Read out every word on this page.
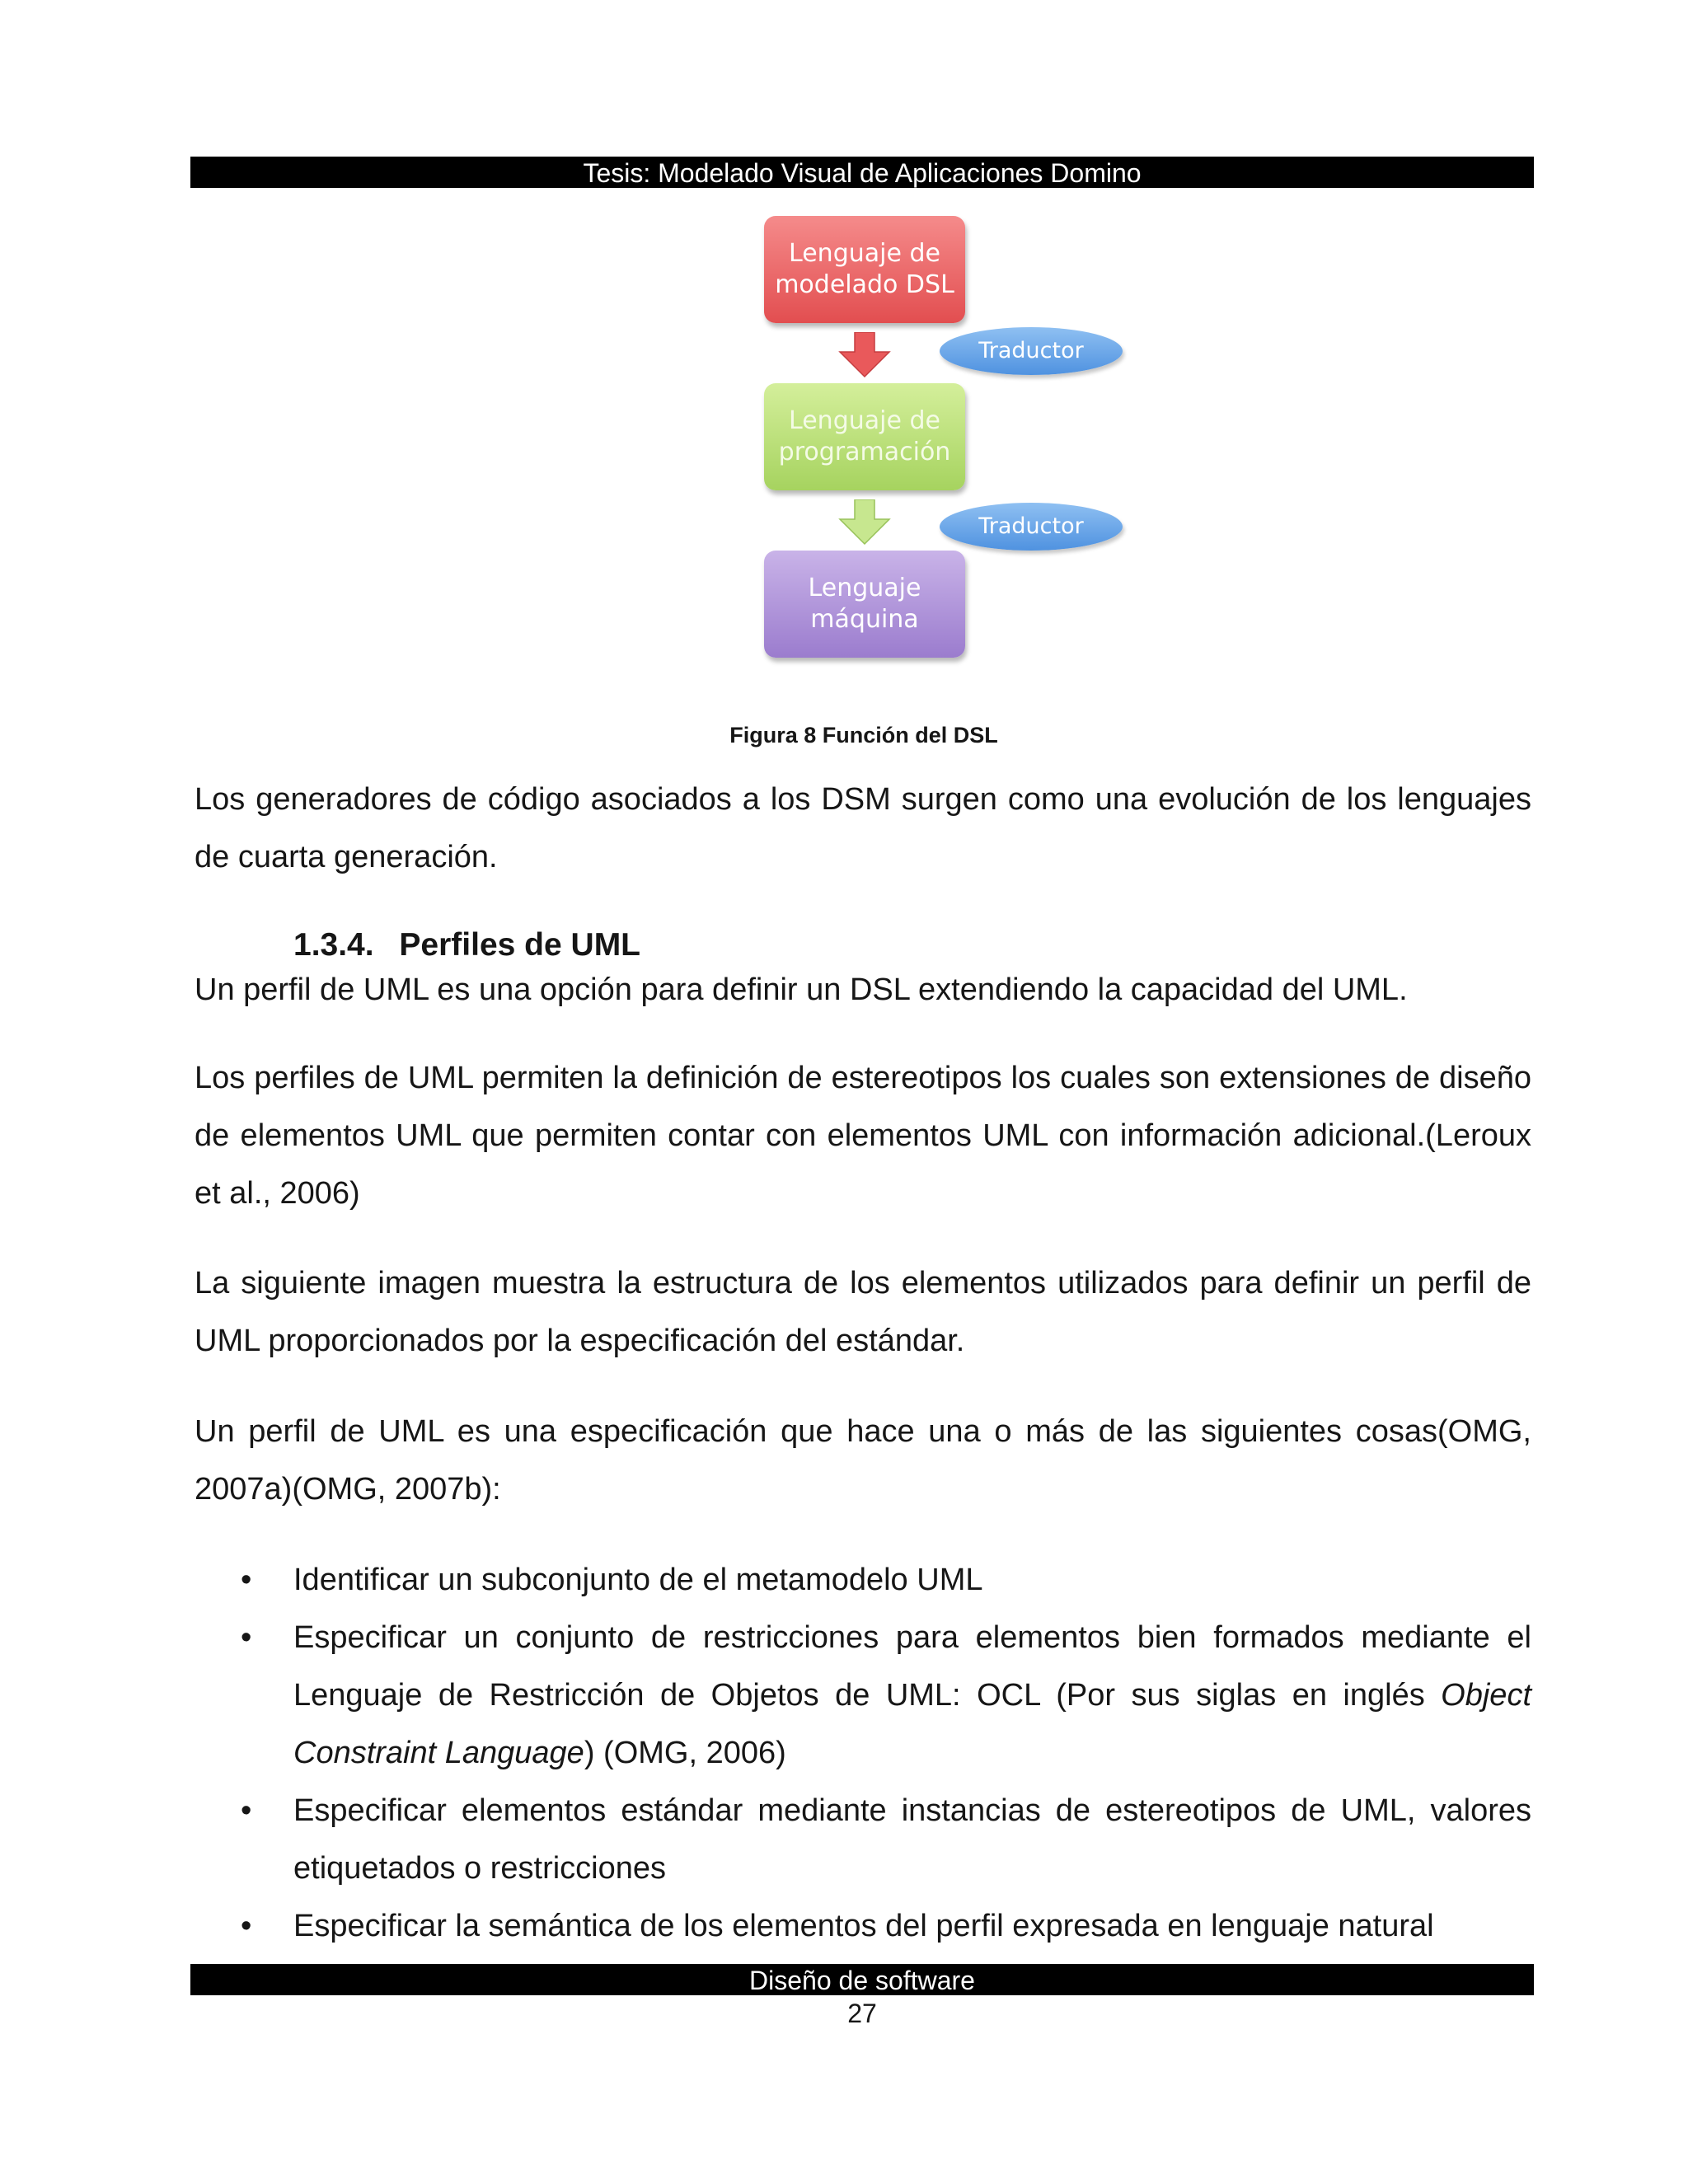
Tesis: Modelado Visual de Aplicaciones Domino
Lenguaje de
modelado DSL
Traductor
Lenguaje de
programación
Traductor
Lenguaje
máquina
Figura 8 Función del DSL

Los generadores de código asociados a los DSM surgen como una evolución de los lenguajes de cuarta generación.

1.3.4. Perfiles de UML

Un perfil de UML es una opción para definir un DSL extendiendo la capacidad del UML.

Los perfiles de UML permiten la definición de estereotipos los cuales son extensiones de diseño de elementos UML que permiten contar con elementos UML con información adicional.(Leroux et al., 2006)

La siguiente imagen muestra la estructura de los elementos utilizados para definir un perfil de UML proporcionados por la especificación del estándar.

Un perfil de UML es una especificación que hace una o más de las siguientes cosas(OMG, 2007a)(OMG, 2007b):

• Identificar un subconjunto de el metamodelo UML
• Especificar un conjunto de restricciones para elementos bien formados mediante el Lenguaje de Restricción de Objetos de UML: OCL (Por sus siglas en inglés Object Constraint Language) (OMG, 2006)
• Especificar elementos estándar mediante instancias de estereotipos de UML, valores etiquetados o restricciones
• Especificar la semántica de los elementos del perfil expresada en lenguaje natural
Diseño de software
27
